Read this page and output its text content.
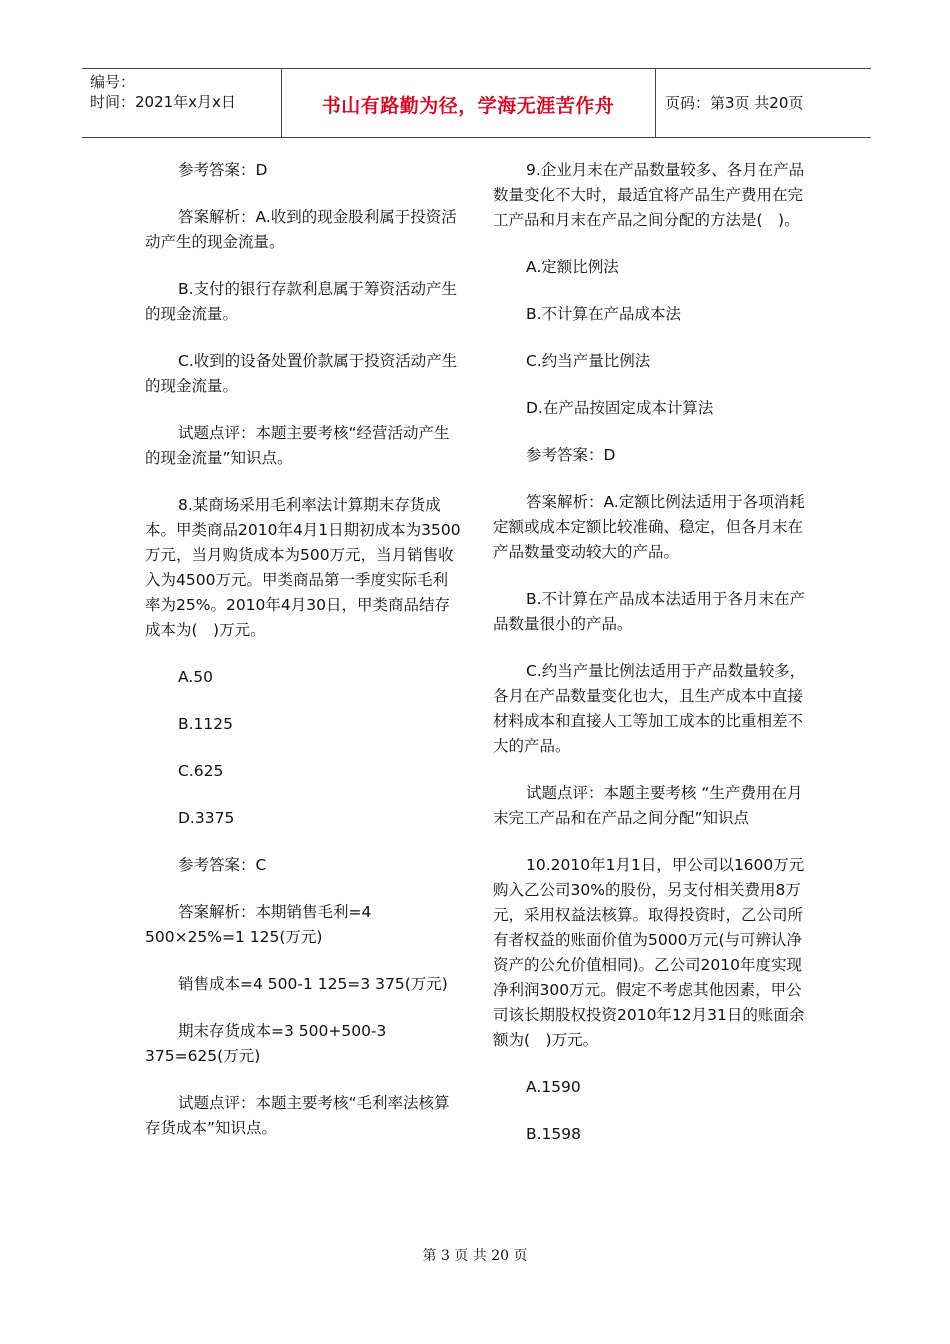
编号：
时间：2021年x月x日	书山有路勤为径，学海无涯苦作舟	页码：第3页 共20页

参考答案：D

答案解析：A.收到的现金股利属于投资活动产生的现金流量。

B.支付的银行存款利息属于筹资活动产生的现金流量。

C.收到的设备处置价款属于投资活动产生的现金流量。

试题点评：本题主要考核“经营活动产生的现金流量”知识点。

8.某商场采用毛利率法计算期末存货成本。甲类商品2010年4月1日期初成本为3500万元，当月购货成本为500万元，当月销售收入为4500万元。甲类商品第一季度实际毛利率为25%。2010年4月30日，甲类商品结存成本为(　)万元。

A.50

B.1125

C.625

D.3375

参考答案：C

答案解析：本期销售毛利=4 500×25%=1 125(万元)

销售成本=4 500-1 125=3 375(万元)

期末存货成本=3 500+500-3 375=625(万元)

试题点评：本题主要考核“毛利率法核算存货成本”知识点。

9.企业月末在产品数量较多、各月在产品数量变化不大时，最适宜将产品生产费用在完工产品和月末在产品之间分配的方法是(　)。

A.定额比例法

B.不计算在产品成本法

C.约当产量比例法

D.在产品按固定成本计算法

参考答案：D

答案解析：A.定额比例法适用于各项消耗定额或成本定额比较准确、稳定，但各月末在产品数量变动较大的产品。

B.不计算在产品成本法适用于各月末在产品数量很小的产品。

C.约当产量比例法适用于产品数量较多，各月在产品数量变化也大，且生产成本中直接材料成本和直接人工等加工成本的比重相差不大的产品。

试题点评：本题主要考核 “生产费用在月末完工产品和在产品之间分配”知识点

10.2010年1月1日，甲公司以1600万元购入乙公司30%的股份，另支付相关费用8万元，采用权益法核算。取得投资时，乙公司所有者权益的账面价值为5000万元(与可辨认净资产的公允价值相同)。乙公司2010年度实现净利润300万元。假定不考虑其他因素，甲公司该长期股权投资2010年12月31日的账面余额为(　)万元。

A.1590

B.1598

第 3 页 共 20 页
